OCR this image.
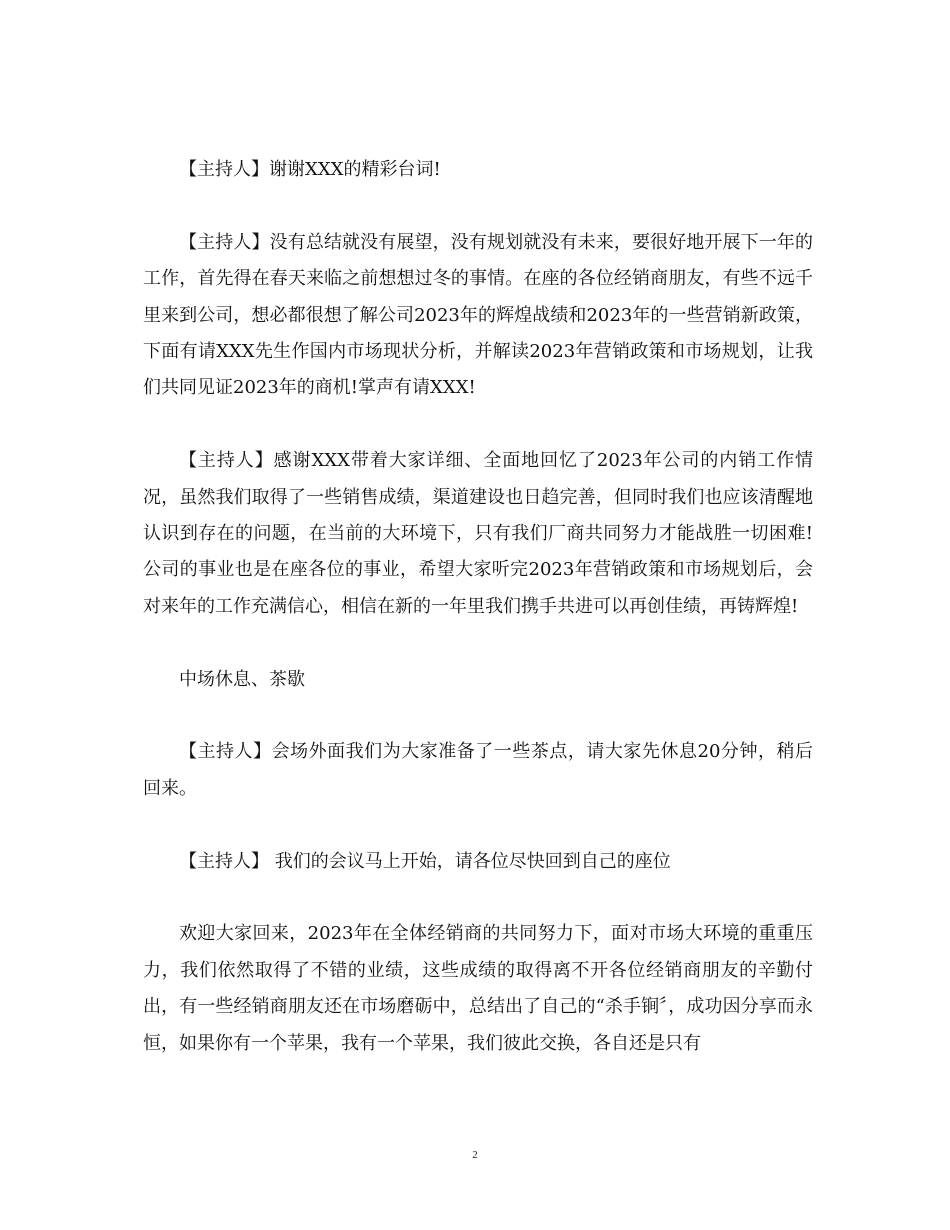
【主持人】谢谢XXX的精彩台词!

【主持人】没有总结就没有展望，没有规划就没有未来，要很好地开展下一年的工作，首先得在春天来临之前想想过冬的事情。在座的各位经销商朋友，有些不远千里来到公司，想必都很想了解公司2023年的辉煌战绩和2023年的一些营销新政策，下面有请XXX先生作国内市场现状分析，并解读2023年营销政策和市场规划，让我们共同见证2023年的商机!掌声有请XXX!

【主持人】感谢XXX带着大家详细、全面地回忆了2023年公司的内销工作情况，虽然我们取得了一些销售成绩，渠道建设也日趋完善，但同时我们也应该清醒地认识到存在的问题，在当前的大环境下，只有我们厂商共同努力才能战胜一切困难!公司的事业也是在座各位的事业，希望大家听完2023年营销政策和市场规划后，会对来年的工作充满信心，相信在新的一年里我们携手共进可以再创佳绩，再铸辉煌!

中场休息、茶歇

【主持人】会场外面我们为大家准备了一些茶点，请大家先休息20分钟，稍后回来。

【主持人】 我们的会议马上开始，请各位尽快回到自己的座位

欢迎大家回来，2023年在全体经销商的共同努力下，面对市场大环境的重重压力，我们依然取得了不错的业绩，这些成绩的取得离不开各位经销商朋友的辛勤付出，有一些经销商朋友还在市场磨砺中，总结出了自己的“杀手锏〞，成功因分享而永恒，如果你有一个苹果，我有一个苹果，我们彼此交换，各自还是只有

2
